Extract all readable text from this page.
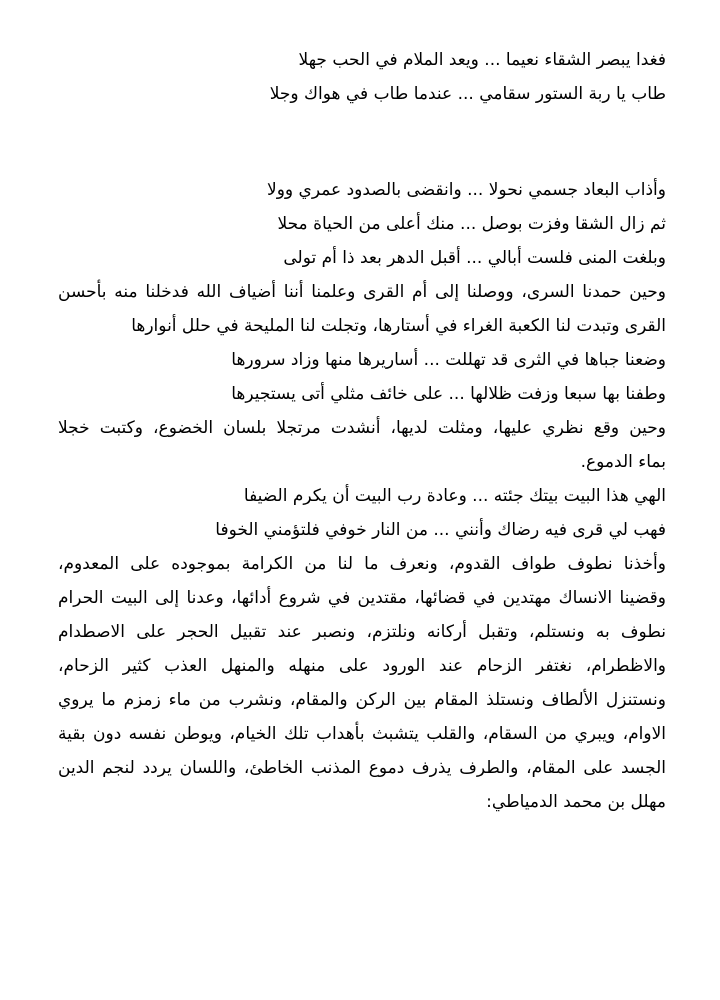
فغدا يبصر الشقاء نعيما ... ويعد الملام في الحب جهلا

طاب يا ربة الستور سقامي ... عندما طاب في هواك وجلا

وأذاب البعاد جسمي نحولا ... وانقضى بالصدود عمري وولا

ثم زال الشقا وفزت بوصل ... منك أعلى من الحياة محلا

وبلغت المنى فلست أبالي ... أقبل الدهر بعد ذا أم تولى

وحين حمدنا السرى، ووصلنا إلى أم القرى وعلمنا أننا أضياف الله فدخلنا منه بأحسن

القرى وتبدت لنا الكعبة الغراء في أستارها، وتجلت لنا المليحة في حلل أنوارها

وضعنا جباها في الثرى قد تهللت ... أساريرها منها وزاد سرورها

وطفنا بها سبعا وزفت ظلالها ... على خائف مثلي أتى يستجيرها

وحين وقع نظري عليها، ومثلت لديها، أنشدت مرتجلا بلسان الخضوع، وكتبت خجلا

بماء الدموع.

الهي هذا البيت بيتك جئته ... وعادة رب البيت أن يكرم الضيفا

فهب لي قرى فيه رضاك وأنني ... من النار خوفي فلتؤمني الخوفا

وأخذنا نطوف طواف القدوم، ونعرف ما لنا من الكرامة بموجوده على المعدوم،

وقضينا الانساك مهتدين في قضائها، مقتدين في شروع أدائها، وعدنا إلى البيت الحرام

نطوف به ونستلم، وتقبل أركانه ونلتزم، ونصبر عند تقبيل الحجر على الاصطدام

والاظطرام، نغتفر الزحام عند الورود على منهله والمنهل العذب كثير الزحام،

ونستنزل الألطاف ونستلذ المقام بين الركن والمقام، ونشرب من ماء زمزم ما يروي

الاوام، ويبري من السقام، والقلب يتشبث بأهداب تلك الخيام، ويوطن نفسه دون بقية

الجسد على المقام، والطرف يذرف دموع المذنب الخاطئ، واللسان يردد لنجم الدين

مهلل بن محمد الدمياطي:
